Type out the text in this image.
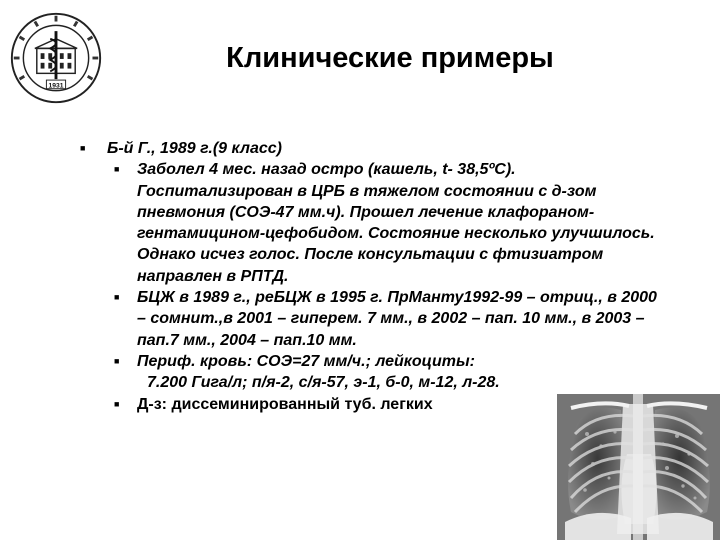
1931
Клинические примеры
■ Б-й Г., 1989 г.(9 класс)
■ Заболел 4 мес. назад остро (кашель, t- 38,5ºС). Госпитализирован в ЦРБ в тяжелом состоянии с д-зом пневмония (СОЭ-47 мм.ч). Прошел лечение клафораном-гентамицином-цефобидом. Состояние несколько улучшилось. Однако исчез голос. После консультации с фтизиатром направлен в РПТД.
■ БЦЖ в 1989 г., реБЦЖ в 1995 г. ПрМанту1992-99 – отриц., в 2000 – сомнит.,в 2001 – гиперем. 7 мм., в 2002 – пап. 10 мм., в 2003 – пап.7 мм., 2004 – пап.10 мм.
■ Периф. кровь: СОЭ=27 мм/ч.; лейкоциты:
7.200 Гига/л; п/я-2, с/я-57, э-1, б-0, м-12, л-28.
■ Д-з: диссеминированный туб. легких
